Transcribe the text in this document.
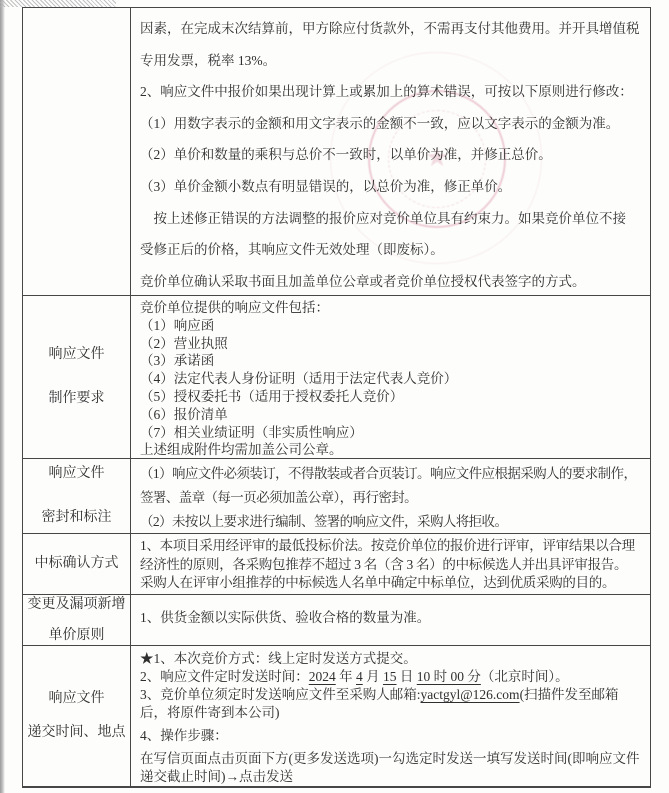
★
因素，在完成末次结算前，甲方除应付货款外，不需再支付其他费用。并开具增值税
专用发票，税率 13%。
2、响应文件中报价如果出现计算上或累加上的算术错误，可按以下原则进行修改：
（1）用数字表示的金额和用文字表示的金额不一致，应以文字表示的金额为准。
（2）单价和数量的乘积与总价不一致时，以单价为准，并修正总价。
（3）单价金额小数点有明显错误的，以总价为准，修正单价。
　按上述修正错误的方法调整的报价应对竞价单位具有约束力。如果竞价单位不接
受修正后的价格，其响应文件无效处理（即废标）。
竞价单位确认采取书面且加盖单位公章或者竞价单位授权代表签字的方式。
响应文件
制作要求
竞价单位提供的响应文件包括：
（1）响应函
（2）营业执照
（3）承诺函
（4）法定代表人身份证明（适用于法定代表人竞价）
（5）授权委托书（适用于授权委托人竞价）
（6）报价清单
（7）相关业绩证明（非实质性响应）
上述组成附件均需加盖公司公章。
响应文件
密封和标注
（1）响应文件必须装订，不得散装或者合页装订。响应文件应根据采购人的要求制作，
签署、盖章（每一页必须加盖公章），再行密封。
（2）未按以上要求进行编制、签署的响应文件，采购人将拒收。
中标确认方式
1、本项目采用经评审的最低投标价法。按竞价单位的报价进行评审，评审结果以合理
经济性的原则，各采购包推荐不超过 3 名（含 3 名）的中标候选人并出具评审报告。
采购人在评审小组推荐的中标候选人名单中确定中标单位，达到优质采购的目的。
变更及漏项新增
单价原则
1、供货金额以实际供货、验收合格的数量为准。
响应文件
递交时间、地点
★1、本次竞价方式：线上定时发送方式提交。
2、响应文件定时发送时间：2024 年 4 月 15 日 10 时 00 分（北京时间）。
3、竞价单位须定时发送响应文件至采购人邮箱:yactgyl@126.com(扫描件发至邮箱后，将原件寄到本公司)
4、操作步骤：
在写信页面点击页面下方(更多发送选项)一勾选定时发送一填写发送时间(即响应文件递交截止时间)→点击发送
